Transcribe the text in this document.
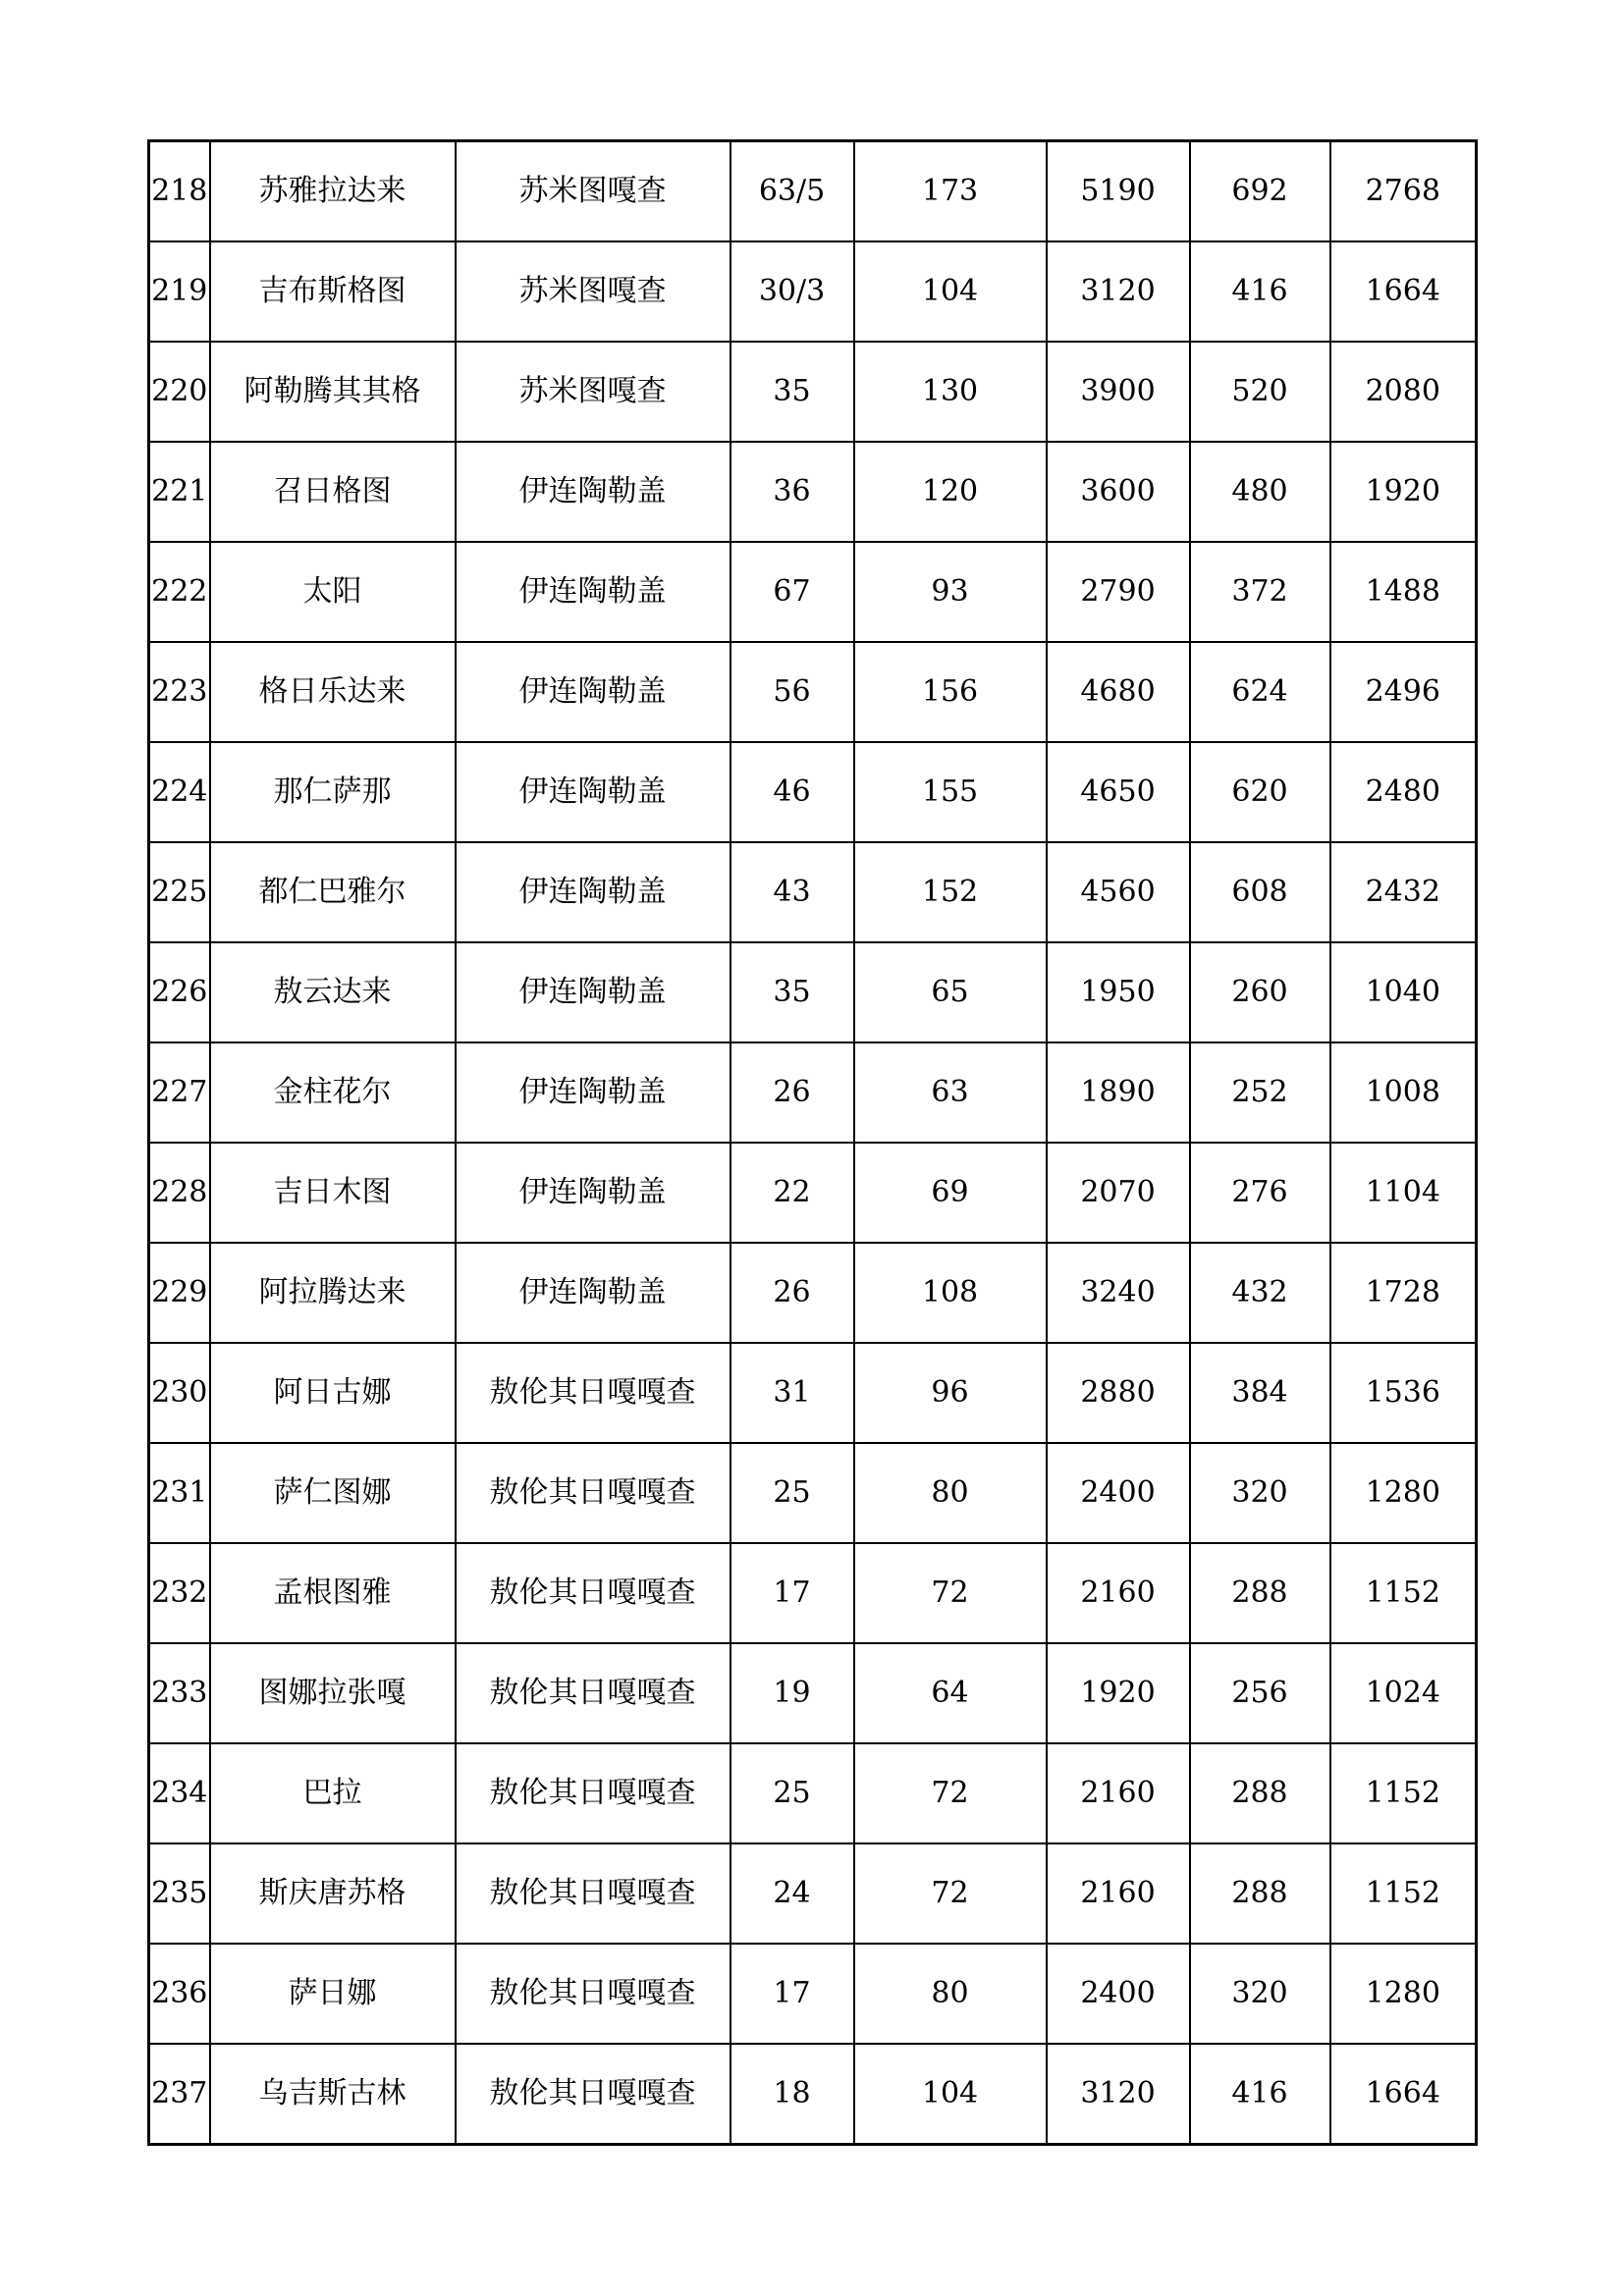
218	苏雅拉达来	苏米图嘎查	63/5	173	5190	692	2768
219	吉布斯格图	苏米图嘎查	30/3	104	3120	416	1664
220	阿勒腾其其格	苏米图嘎查	35	130	3900	520	2080
221	召日格图	伊连陶勒盖	36	120	3600	480	1920
222	太阳	伊连陶勒盖	67	93	2790	372	1488
223	格日乐达来	伊连陶勒盖	56	156	4680	624	2496
224	那仁萨那	伊连陶勒盖	46	155	4650	620	2480
225	都仁巴雅尔	伊连陶勒盖	43	152	4560	608	2432
226	敖云达来	伊连陶勒盖	35	65	1950	260	1040
227	金柱花尔	伊连陶勒盖	26	63	1890	252	1008
228	吉日木图	伊连陶勒盖	22	69	2070	276	1104
229	阿拉腾达来	伊连陶勒盖	26	108	3240	432	1728
230	阿日古娜	敖伦其日嘎嘎查	31	96	2880	384	1536
231	萨仁图娜	敖伦其日嘎嘎查	25	80	2400	320	1280
232	孟根图雅	敖伦其日嘎嘎查	17	72	2160	288	1152
233	图娜拉张嘎	敖伦其日嘎嘎查	19	64	1920	256	1024
234	巴拉	敖伦其日嘎嘎查	25	72	2160	288	1152
235	斯庆唐苏格	敖伦其日嘎嘎查	24	72	2160	288	1152
236	萨日娜	敖伦其日嘎嘎查	17	80	2400	320	1280
237	乌吉斯古林	敖伦其日嘎嘎查	18	104	3120	416	1664
